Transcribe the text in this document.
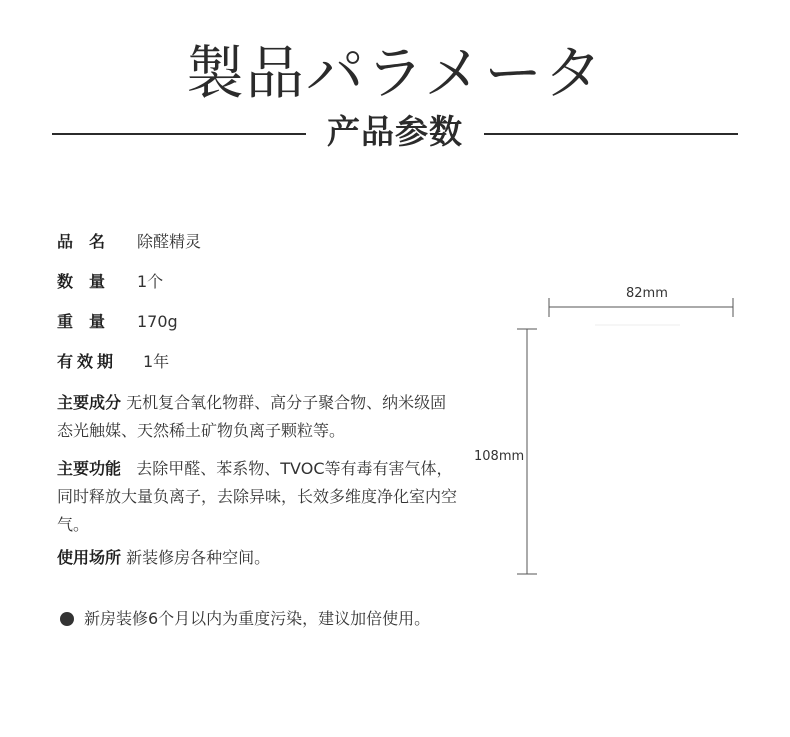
製品パラメータ
产品参数
品　名 除醛精灵
数　量 1个
重　量 170g
有效期 1年
主要成分 无机复合氧化物群、高分子聚合物、纳米级固态光触媒、天然稀土矿物负离子颗粒等。
主要功能 去除甲醛、苯系物、TVOC等有毒有害气体，同时释放大量负离子，去除异味，长效多维度净化室内空气。
使用场所 新装修房各种空间。
新房装修6个月以内为重度污染，建议加倍使用。
82mm
108mm
